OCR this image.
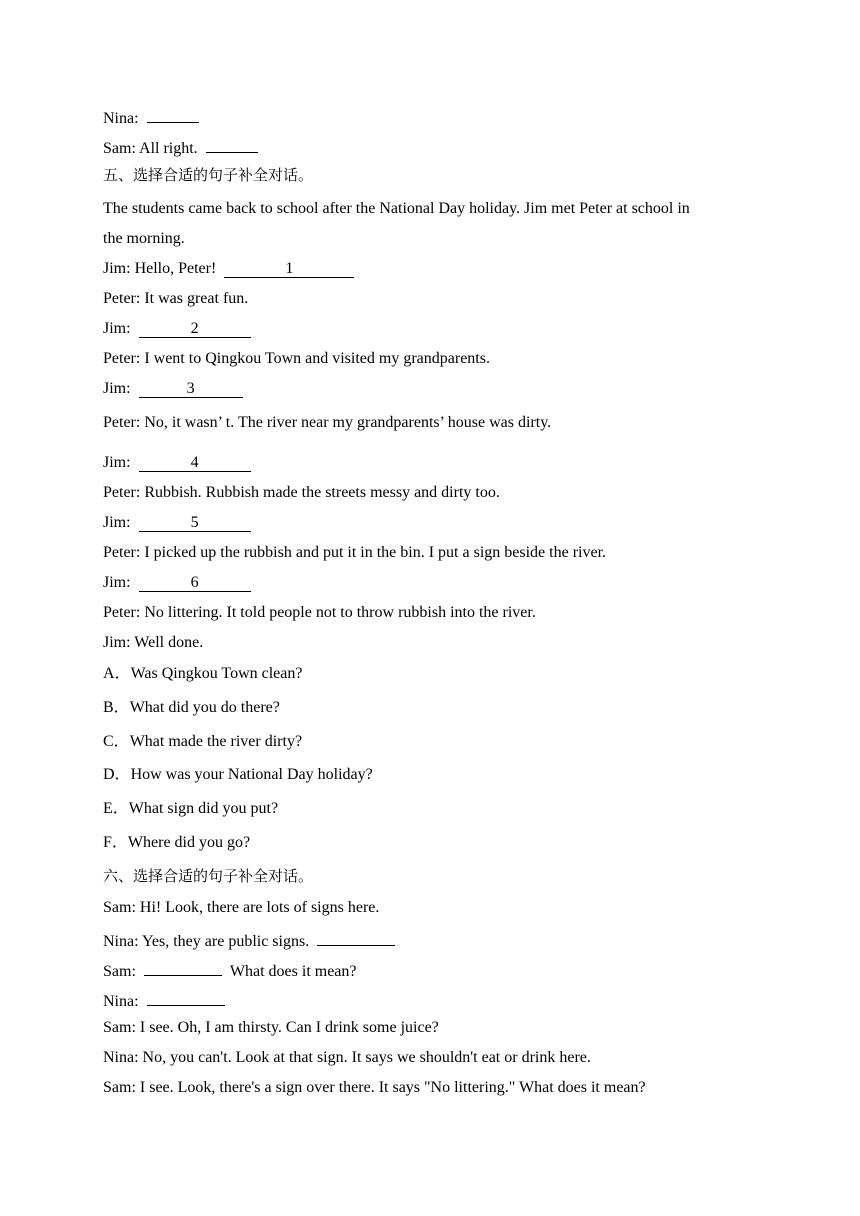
Nina:
Sam: All right.
五、选择合适的句子补全对话。
The students came back to school after the National Day holiday. Jim met Peter at school in
the morning.
Jim: Hello, Peter!	1
Peter: It was great fun.
Jim:	2
Peter: I went to Qingkou Town and visited my grandparents.
Jim:	3
Peter: No, it wasn’ t. The river near my grandparents’ house was dirty.
Jim:	4
Peter: Rubbish. Rubbish made the streets messy and dirty too.
Jim:	5
Peter: I picked up the rubbish and put it in the bin. I put a sign beside the river.
Jim:	6
Peter: No littering. It told people not to throw rubbish into the river.
Jim: Well done.
A．Was Qingkou Town clean?
B．What did you do there?
C．What made the river dirty?
D．How was your National Day holiday?
E．What sign did you put?
F．Where did you go?
六、选择合适的句子补全对话。
Sam: Hi! Look, there are lots of signs here.
Nina: Yes, they are public signs.
Sam:	What does it mean?
Nina:
Sam: I see. Oh, I am thirsty. Can I drink some juice?
Nina: No, you can't. Look at that sign. It says we shouldn't eat or drink here.
Sam: I see. Look, there's a sign over there. It says "No littering." What does it mean?
